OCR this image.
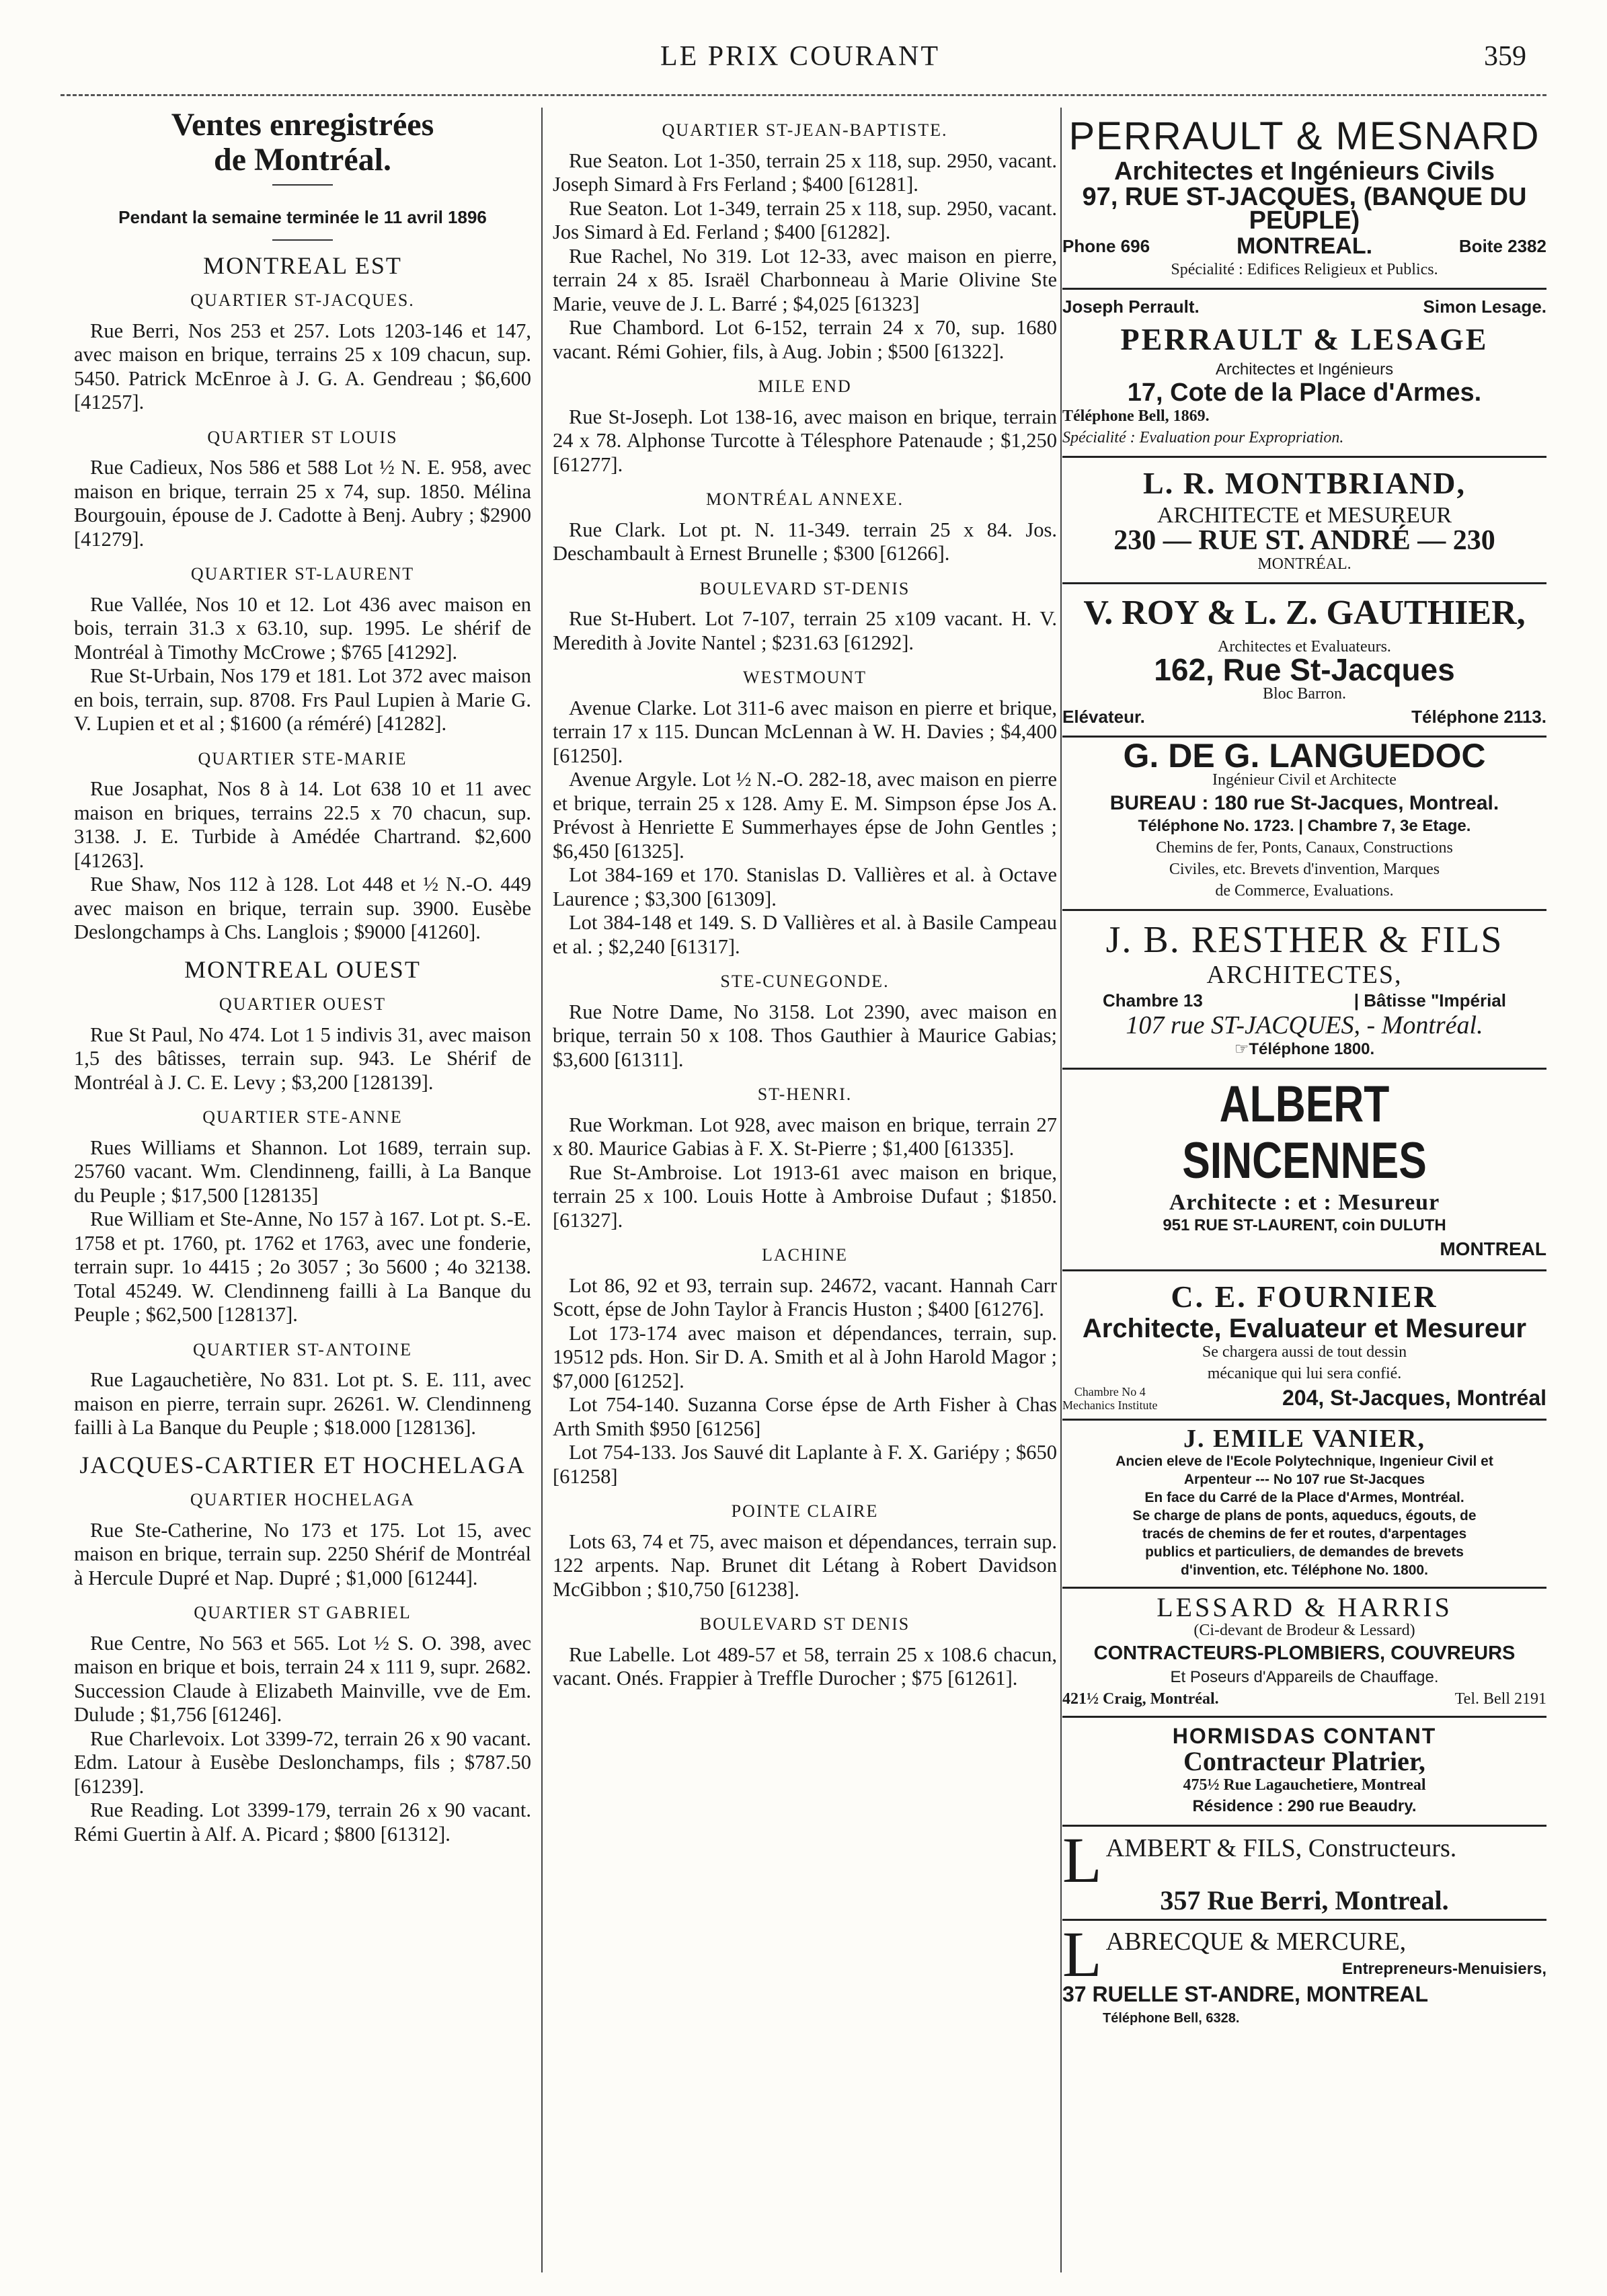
LE PRIX COURANT	359
Ventes enregistrées
de Montréal.
Pendant la semaine terminée le 11 avril 1896
MONTREAL EST
QUARTIER ST-JACQUES.

Rue Berri, Nos 253 et 257. Lots 1203-146 et 147, avec maison en brique, terrains 25 x 109 chacun, sup. 5450. Patrick McEnroe à J. G. A. Gendreau ; $6,600 [41257].

QUARTIER ST LOUIS

Rue Cadieux, Nos 586 et 588 Lot ½ N. E. 958, avec maison en brique, terrain 25 x 74, sup. 1850. Mélina Bourgouin, épouse de J. Cadotte à Benj. Aubry ; $2900 [41279].

QUARTIER ST-LAURENT

Rue Vallée, Nos 10 et 12. Lot 436 avec maison en bois, terrain 31.3 x 63.10, sup. 1995. Le shérif de Montréal à Timothy McCrowe ; $765 [41292].

Rue St-Urbain, Nos 179 et 181. Lot 372 avec maison en bois, terrain, sup. 8708. Frs Paul Lupien à Marie G. V. Lupien et et al ; $1600 (a réméré) [41282].

QUARTIER STE-MARIE

Rue Josaphat, Nos 8 à 14. Lot 638 10 et 11 avec maison en briques, terrains 22.5 x 70 chacun, sup. 3138. J. E. Turbide à Amédée Chartrand. $2,600 [41263].

Rue Shaw, Nos 112 à 128. Lot 448 et ½ N.-O. 449 avec maison en brique, terrain sup. 3900. Eusèbe Deslongchamps à Chs. Langlois ; $9000 [41260].

MONTREAL OUEST
QUARTIER OUEST

Rue St Paul, No 474. Lot 1 5 indivis 31, avec maison 1,5 des bâtisses, terrain sup. 943. Le Shérif de Montréal à J. C. E. Levy ; $3,200 [128139].

QUARTIER STE-ANNE

Rues Williams et Shannon. Lot 1689, terrain sup. 25760 vacant. Wm. Clendinneng, failli, à La Banque du Peuple ; $17,500 [128135]

Rue William et Ste-Anne, No 157 à 167. Lot pt. S.-E. 1758 et pt. 1760, pt. 1762 et 1763, avec une fonderie, terrain supr. 1o 4415 ; 2o 3057 ; 3o 5600 ; 4o 32138. Total 45249. W. Clendinneng failli à La Banque du Peuple ; $62,500 [128137].

QUARTIER ST-ANTOINE

Rue Lagauchetière, No 831. Lot pt. S. E. 111, avec maison en pierre, terrain supr. 26261. W. Clendinneng failli à La Banque du Peuple ; $18.000 [128136].

JACQUES-CARTIER ET HOCHELAGA
QUARTIER HOCHELAGA

Rue Ste-Catherine, No 173 et 175. Lot 15, avec maison en brique, terrain sup. 2250 Shérif de Montréal à Hercule Dupré et Nap. Dupré ; $1,000 [61244].

QUARTIER ST GABRIEL

Rue Centre, No 563 et 565. Lot ½ S. O. 398, avec maison en brique et bois, terrain 24 x 111 9, supr. 2682. Succession Claude à Elizabeth Mainville, vve de Em. Dulude ; $1,756 [61246].

Rue Charlevoix. Lot 3399-72, terrain 26 x 90 vacant. Edm. Latour à Eusèbe Deslonchamps, fils ; $787.50 [61239].

Rue Reading. Lot 3399-179, terrain 26 x 90 vacant. Rémi Guertin à Alf. A. Picard ; $800 [61312].

QUARTIER ST-JEAN-BAPTISTE.

Rue Seaton. Lot 1-350, terrain 25 x 118, sup. 2950, vacant. Joseph Simard à Frs Ferland ; $400 [61281].

Rue Seaton. Lot 1-349, terrain 25 x 118, sup. 2950, vacant. Jos Simard à Ed. Ferland ; $400 [61282].

Rue Rachel, No 319. Lot 12-33, avec maison en pierre, terrain 24 x 85. Israël Charbonneau à Marie Olivine Ste Marie, veuve de J. L. Barré ; $4,025 [61323]

Rue Chambord. Lot 6-152, terrain 24 x 70, sup. 1680 vacant. Rémi Gohier, fils, à Aug. Jobin ; $500 [61322].

MILE END

Rue St-Joseph. Lot 138-16, avec maison en brique, terrain 24 x 78. Alphonse Turcotte à Télesphore Patenaude ; $1,250 [61277].

MONTRÉAL ANNEXE.

Rue Clark. Lot pt. N. 11-349. terrain 25 x 84. Jos. Deschambault à Ernest Brunelle ; $300 [61266].

BOULEVARD ST-DENIS

Rue St-Hubert. Lot 7-107, terrain 25 x109 vacant. H. V. Meredith à Jovite Nantel ; $231.63 [61292].

WESTMOUNT

Avenue Clarke. Lot 311-6 avec maison en pierre et brique, terrain 17 x 115. Duncan McLennan à W. H. Davies ; $4,400 [61250].

Avenue Argyle. Lot ½ N.-O. 282-18, avec maison en pierre et brique, terrain 25 x 128. Amy E. M. Simpson épse Jos A. Prévost à Henriette E Summerhayes épse de John Gentles ; $6,450 [61325].

Lot 384-169 et 170. Stanislas D. Vallières et al. à Octave Laurence ; $3,300 [61309].

Lot 384-148 et 149. S. D Vallières et al. à Basile Campeau et al. ; $2,240 [61317].

STE-CUNEGONDE.

Rue Notre Dame, No 3158. Lot 2390, avec maison en brique, terrain 50 x 108. Thos Gauthier à Maurice Gabias; $3,600 [61311].

ST-HENRI.

Rue Workman. Lot 928, avec maison en brique, terrain 27 x 80. Maurice Gabias à F. X. St-Pierre ; $1,400 [61335].

Rue St-Ambroise. Lot 1913-61 avec maison en brique, terrain 25 x 100. Louis Hotte à Ambroise Dufaut ; $1850. [61327].

LACHINE

Lot 86, 92 et 93, terrain sup. 24672, vacant. Hannah Carr Scott, épse de John Taylor à Francis Huston ; $400 [61276].

Lot 173-174 avec maison et dépendances, terrain, sup. 19512 pds. Hon. Sir D. A. Smith et al à John Harold Magor ; $7,000 [61252].

Lot 754-140. Suzanna Corse épse de Arth Fisher à Chas Arth Smith $950 [61256]

Lot 754-133. Jos Sauvé dit Laplante à F. X. Gariépy ; $650 [61258]

POINTE CLAIRE

Lots 63, 74 et 75, avec maison et dépendances, terrain sup. 122 arpents. Nap. Brunet dit Létang à Robert Davidson McGibbon ; $10,750 [61238].

BOULEVARD ST DENIS

Rue Labelle. Lot 489-57 et 58, terrain 25 x 108.6 chacun, vacant. Onés. Frappier à Treffle Durocher ; $75 [61261].

PERRAULT & MESNARD
Architectes et Ingénieurs Civils
97, RUE ST-JACQUES, (BANQUE DU PEUPLE)
Phone 696	MONTREAL.	Boite 2382
Spécialité : Edifices Religieux et Publics.
Joseph Perrault.	Simon Lesage.
PERRAULT & LESAGE
Architectes et Ingénieurs
17, Cote de la Place d'Armes.
Téléphone Bell, 1869.
Spécialité : Evaluation pour Expropriation.
L. R. MONTBRIAND,
ARCHITECTE et MESUREUR
230 — RUE ST. ANDRÉ — 230
MONTRÉAL.
V. ROY & L. Z. GAUTHIER,
Architectes et Evaluateurs.
162, Rue St-Jacques
Bloc Barron.
Elévateur.	Téléphone 2113.
G. DE G. LANGUEDOC
Ingénieur Civil et Architecte
BUREAU : 180 rue St-Jacques, Montreal.
Téléphone No. 1723. | Chambre 7, 3e Etage.
Chemins de fer, Ponts, Canaux, Constructions
Civiles, etc. Brevets d'invention, Marques
de Commerce, Evaluations.
J. B. RESTHER & FILS
ARCHITECTES,
Chambre 13	| Bâtisse "Impérial
107 rue ST-JACQUES, - Montréal.
☞Téléphone 1800.
ALBERT SINCENNES
Architecte : et : Mesureur
951 RUE ST-LAURENT, coin DULUTH
MONTREAL
C. E. FOURNIER
Architecte, Evaluateur et Mesureur
Se chargera aussi de tout dessin
mécanique qui lui sera confié.
Chambre No 4
Mechanics Institute	204, St-Jacques, Montréal
J. EMILE VANIER,
Ancien eleve de l'Ecole Polytechnique, Ingenieur Civil et
Arpenteur --- No 107 rue St-Jacques
En face du Carré de la Place d'Armes, Montréal.
Se charge de plans de ponts, aqueducs, égouts, de
tracés de chemins de fer et routes, d'arpentages
publics et particuliers, de demandes de brevets
d'invention, etc. Téléphone No. 1800.
LESSARD & HARRIS
(Ci-devant de Brodeur & Lessard)
CONTRACTEURS-PLOMBIERS, COUVREURS
Et Poseurs d'Appareils de Chauffage.
421½ Craig, Montréal.	Tel. Bell 2191
HORMISDAS CONTANT
Contracteur Platrier,
475½ Rue Lagauchetiere, Montreal
Résidence : 290 rue Beaudry.
L AMBERT & FILS, Constructeurs.
357 Rue Berri, Montreal.
L ABRECQUE & MERCURE,
Entrepreneurs-Menuisiers,
37 RUELLE ST-ANDRE, MONTREAL
Téléphone Bell, 6328.
